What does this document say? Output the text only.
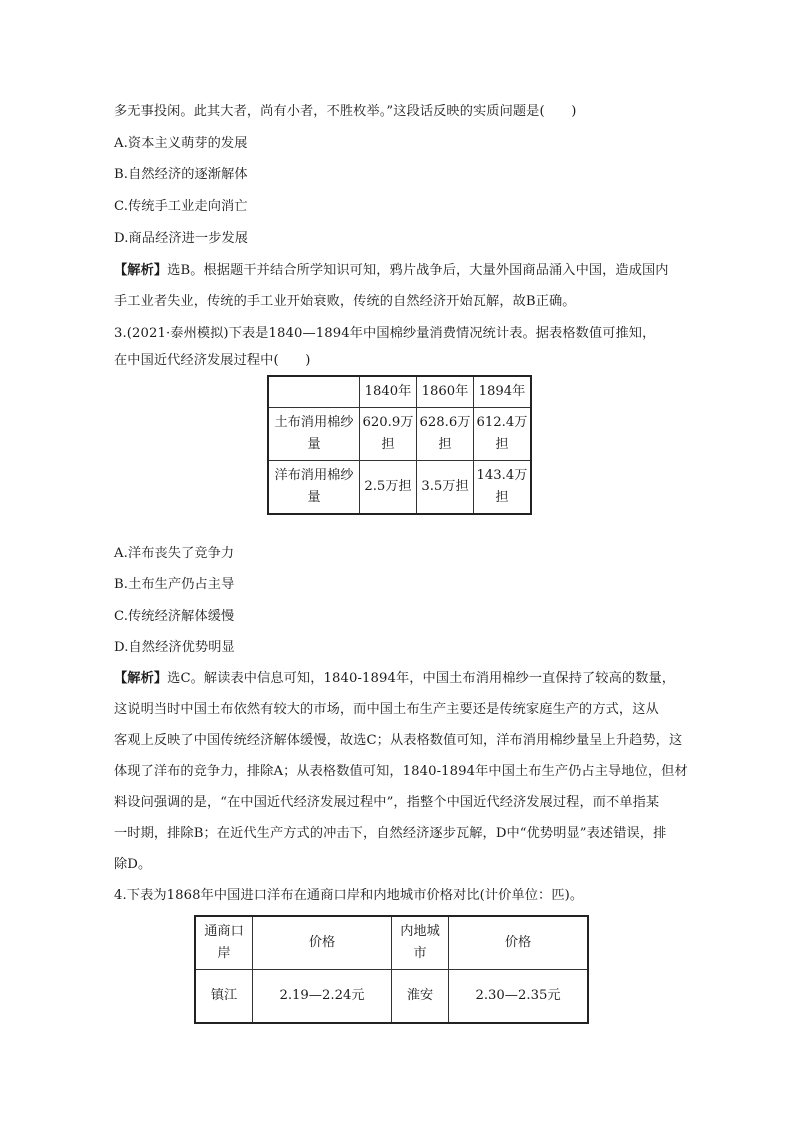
多无事投闲。此其大者，尚有小者，不胜枚举。”这段话反映的实质问题是(　　)
A.资本主义萌芽的发展
B.自然经济的逐渐解体
C.传统手工业走向消亡
D.商品经济进一步发展
【解析】选B。根据题干并结合所学知识可知，鸦片战争后，大量外国商品涌入中国，造成国内
手工业者失业，传统的手工业开始衰败，传统的自然经济开始瓦解，故B正确。
3.(2021·泰州模拟)下表是1840—1894年中国棉纱量消费情况统计表。据表格数值可推知，
在中国近代经济发展过程中(　　)
	1840年	1860年	1894年
土布消用棉纱量	620.9万担	628.6万担	612.4万担
洋布消用棉纱量	2.5万担	3.5万担	143.4万担
A.洋布丧失了竞争力
B.土布生产仍占主导
C.传统经济解体缓慢
D.自然经济优势明显
【解析】选C。解读表中信息可知，1840-1894年，中国土布消用棉纱一直保持了较高的数量，
这说明当时中国土布依然有较大的市场，而中国土布生产主要还是传统家庭生产的方式，这从
客观上反映了中国传统经济解体缓慢，故选C；从表格数值可知，洋布消用棉纱量呈上升趋势，这
体现了洋布的竞争力，排除A；从表格数值可知，1840-1894年中国土布生产仍占主导地位，但材
料设问强调的是，“在中国近代经济发展过程中”，指整个中国近代经济发展过程，而不单指某
一时期，排除B；在近代生产方式的冲击下，自然经济逐步瓦解，D中“优势明显”表述错误，排
除D。
4.下表为1868年中国进口洋布在通商口岸和内地城市价格对比(计价单位：匹)。
通商口岸	价格	内地城市	价格
镇江	2.19—2.24元	淮安	2.30—2.35元
